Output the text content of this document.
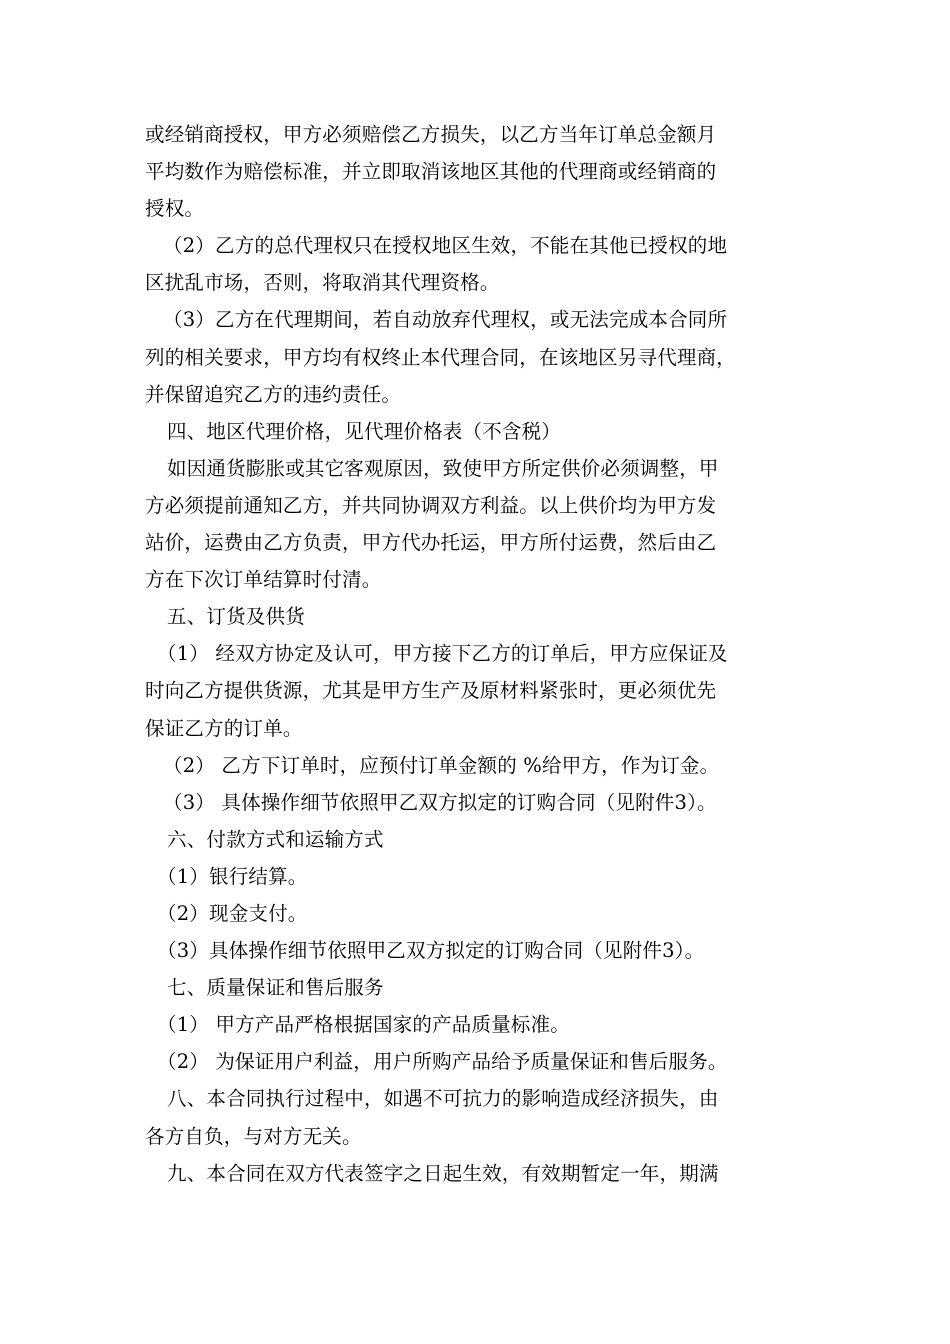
或经销商授权，甲方必须赔偿乙方损失，以乙方当年订单总金额月
平均数作为赔偿标准，并立即取消该地区其他的代理商或经销商的
授权。
（2）乙方的总代理权只在授权地区生效，不能在其他已授权的地
区扰乱市场，否则，将取消其代理资格。
（3）乙方在代理期间，若自动放弃代理权，或无法完成本合同所
列的相关要求，甲方均有权终止本代理合同，在该地区另寻代理商，
并保留追究乙方的违约责任。
四、地区代理价格，见代理价格表（不含税）
如因通货膨胀或其它客观原因，致使甲方所定供价必须调整，甲
方必须提前通知乙方，并共同协调双方利益。以上供价均为甲方发
站价，运费由乙方负责，甲方代办托运，甲方所付运费，然后由乙
方在下次订单结算时付清。
五、订货及供货
（1） 经双方协定及认可，甲方接下乙方的订单后，甲方应保证及
时向乙方提供货源，尤其是甲方生产及原材料紧张时，更必须优先
保证乙方的订单。
（2） 乙方下订单时，应预付订单金额的 %给甲方，作为订金。
（3） 具体操作细节依照甲乙双方拟定的订购合同（见附件3）。
六、付款方式和运输方式
（1）银行结算。
（2）现金支付。
（3）具体操作细节依照甲乙双方拟定的订购合同（见附件3）。
七、质量保证和售后服务
（1） 甲方产品严格根据国家的产品质量标准。
（2） 为保证用户利益，用户所购产品给予质量保证和售后服务。
八、本合同执行过程中，如遇不可抗力的影响造成经济损失，由
各方自负，与对方无关。
九、本合同在双方代表签字之日起生效，有效期暂定一年，期满
